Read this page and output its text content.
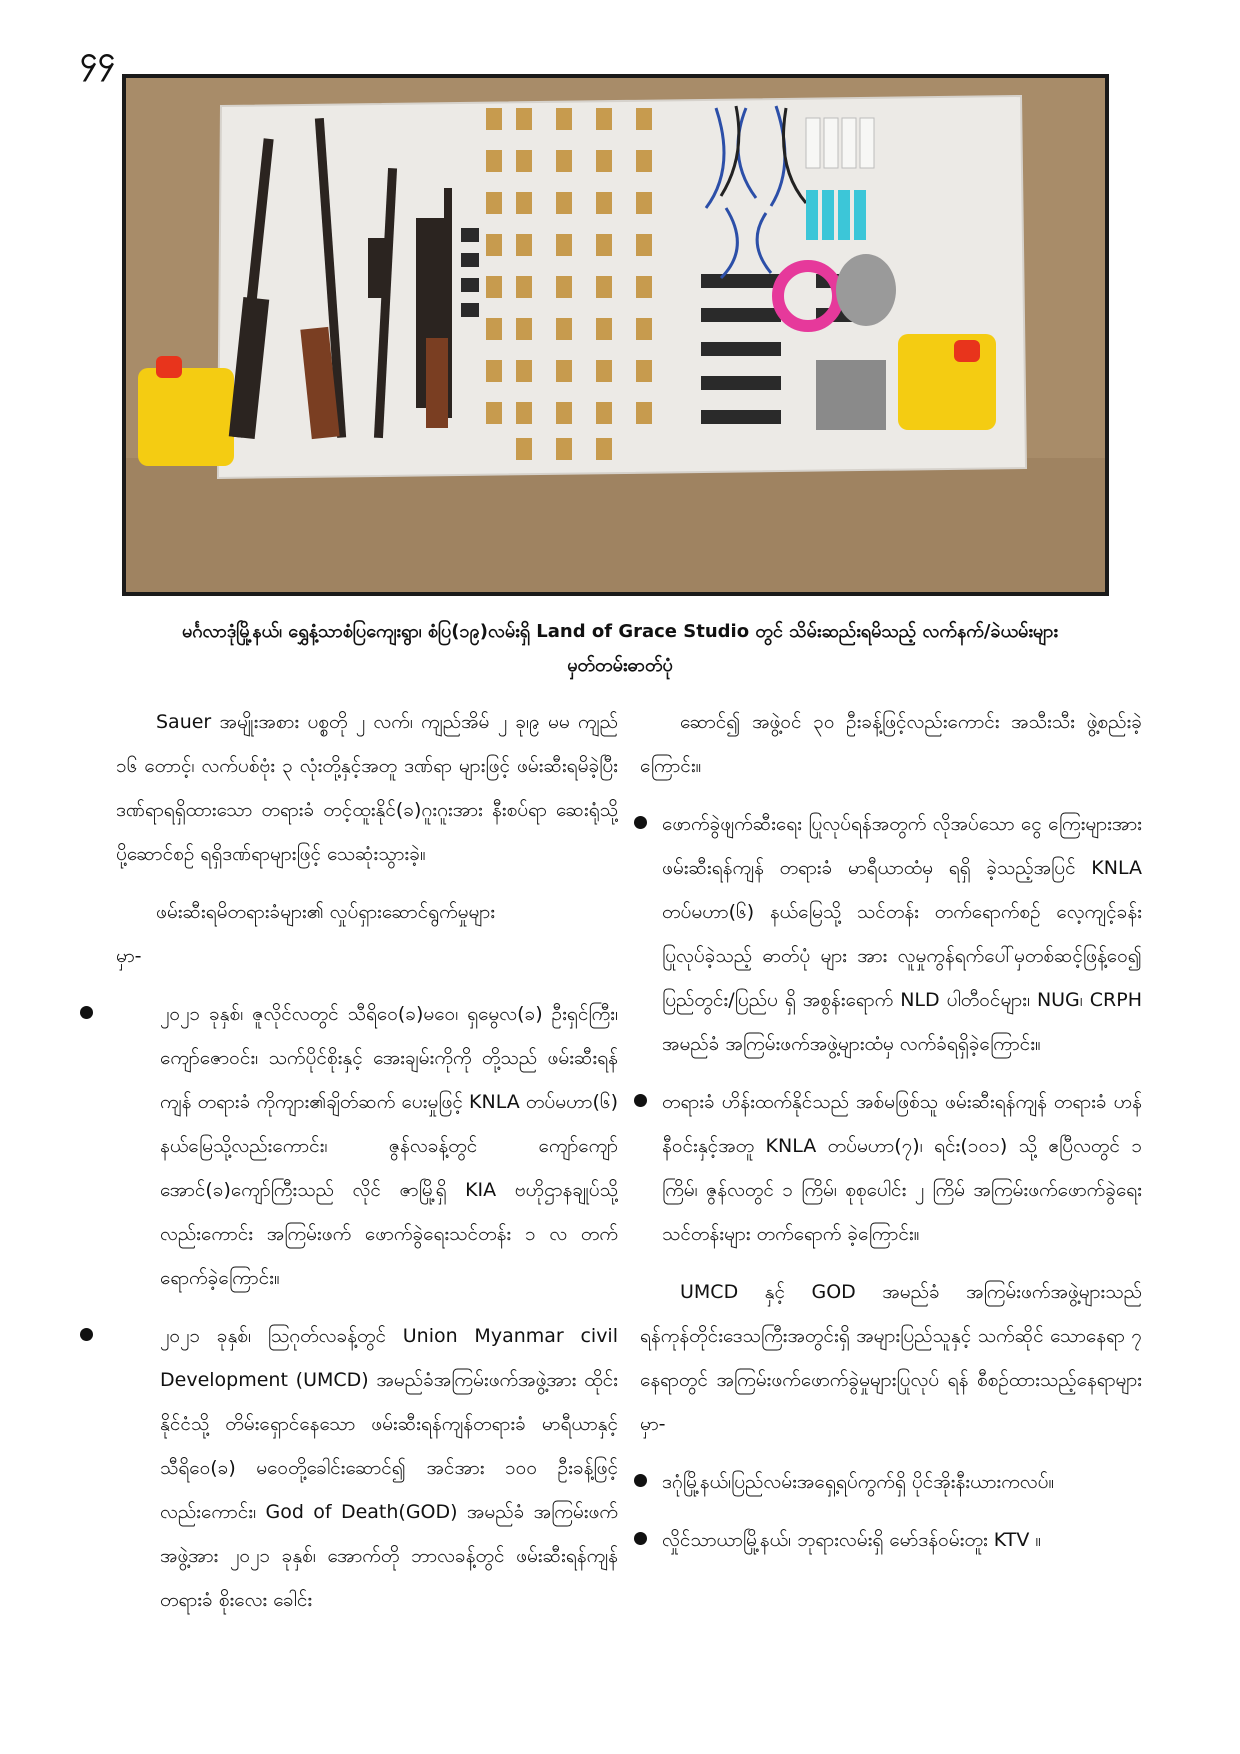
၄၄
မင်္ဂလာဒုံမြို့နယ်၊ ရွှေနံ့သာစံပြကျေးရွာ၊ စံပြ(၁၉)လမ်းရှိ Land of Grace Studio တွင် သိမ်းဆည်းရမိသည့် လက်နက်/ခဲယမ်းများ
မှတ်တမ်းဓာတ်ပုံ

Sauer အမျိုးအစား ပစ္စတို ၂ လက်၊ ကျည်အိမ် ၂ ခု၊၉ မမ ကျည် ၁၆ တောင့်၊ လက်ပစ်ဗုံး ၃ လုံးတို့နှင့်အတူ ဒဏ်ရာ များဖြင့် ဖမ်းဆီးရမိခဲ့ပြီး ဒဏ်ရာရရှိထားသော တရားခံ တင့်ထူးနိုင်(ခ)ဂူးဂူးအား နီးစပ်ရာ ဆေးရုံသို့ ပို့ဆောင်စဉ် ရရှိဒဏ်ရာများဖြင့် သေဆုံးသွားခဲ့။

ဖမ်းဆီးရမိတရားခံများ၏ လှုပ်ရှားဆောင်ရွက်မှုများ

မှာ-

၂၀၂၁ ခုနှစ်၊ ဇူလိုင်လတွင် သီရိဝေ(ခ)မဝေ၊ ရှမွေလ(ခ) ဦးရှင်ကြီး၊ ကျော်ဇောဝင်း၊ သက်ပိုင်စိုးနှင့် အေးချမ်းကိုကို တို့သည် ဖမ်းဆီးရန်ကျန် တရားခံ ကိုကျား၏ချိတ်ဆက် ပေးမှုဖြင့် KNLA တပ်မဟာ(၆) နယ်မြေသို့လည်းကောင်း၊ ဇွန်လခန့်တွင် ကျော်ကျော်အောင်(ခ)ကျော်ကြီးသည် လိုင် ဇာမြို့ရှိ KIA ဗဟိုဌာနချုပ်သို့လည်းကောင်း အကြမ်းဖက် ဖောက်ခွဲရေးသင်တန်း ၁ လ တက်ရောက်ခဲ့ကြောင်း။
၂၀၂၁ ခုနှစ်၊ ဩဂုတ်လခန့်တွင် Union Myanmar civil Development (UMCD) အမည်ခံအကြမ်းဖက်အဖွဲ့အား ထိုင်းနိုင်ငံသို့ တိမ်းရှောင်နေသော ဖမ်းဆီးရန်ကျန်တရားခံ မာရီယာနှင့် သီရိဝေ(ခ) မဝေတို့ခေါင်းဆောင်၍ အင်အား ၁၀၀ ဦးခန့်ဖြင့်လည်းကောင်း၊ God of Death(GOD) အမည်ခံ အကြမ်းဖက်အဖွဲ့အား ၂၀၂၁ ခုနှစ်၊ အောက်တို ဘာလခန့်တွင် ဖမ်းဆီးရန်ကျန် တရားခံ စိုးလေး ခေါင်း

ဆောင်၍ အဖွဲ့ဝင် ၃၀ ဦးခန့်ဖြင့်လည်းကောင်း အသီးသီး ဖွဲ့စည်းခဲ့ကြောင်း။

ဖောက်ခွဲဖျက်ဆီးရေး ပြုလုပ်ရန်အတွက် လိုအပ်သော ငွေ ကြေးများအား ဖမ်းဆီးရန်ကျန် တရားခံ မာရီယာထံမှ ရရှိ ခဲ့သည့်အပြင် KNLA တပ်မဟာ(၆) နယ်မြေသို့ သင်တန်း တက်ရောက်စဉ် လေ့ကျင့်ခန်းပြုလုပ်ခဲ့သည့် ဓာတ်ပုံ များ အား လူမှုကွန်ရက်ပေါ်မှတစ်ဆင့်ဖြန့်ဝေ၍ ပြည်တွင်း/ပြည်ပ ရှိ အစွန်းရောက် NLD ပါတီဝင်များ၊ NUG၊ CRPH အမည်ခံ အကြမ်းဖက်အဖွဲ့များထံမှ လက်ခံရရှိခဲ့ကြောင်း။
တရားခံ ဟိန်းထက်နိုင်သည် အစ်မဖြစ်သူ ဖမ်းဆီးရန်ကျန် တရားခံ ဟန်နီဝင်းနှင့်အတူ KNLA တပ်မဟာ(၇)၊ ရင်း(၁၀၁) သို့ ဧပြီလတွင် ၁ ကြိမ်၊ ဇွန်လတွင် ၁ ကြိမ်၊ စုစုပေါင်း ၂ ကြိမ် အကြမ်းဖက်ဖောက်ခွဲရေးသင်တန်းများ တက်ရောက် ခဲ့ကြောင်း။

UMCD နှင့် GOD အမည်ခံ အကြမ်းဖက်အဖွဲ့များသည် ရန်ကုန်တိုင်းဒေသကြီးအတွင်းရှိ အများပြည်သူနှင့် သက်ဆိုင် သောနေရာ ၇ နေရာတွင် အကြမ်းဖက်ဖောက်ခွဲမှုများပြုလုပ် ရန် စီစဉ်ထားသည့်နေရာများမှာ-

ဒဂုံမြို့နယ်၊ပြည်လမ်းအရှေ့ရပ်ကွက်ရှိ ပိုင်အိုးနီးယားကလပ်။
လှိုင်သာယာမြို့နယ်၊ ဘုရားလမ်းရှိ မော်ဒန်ဝမ်းတူး KTV ။
